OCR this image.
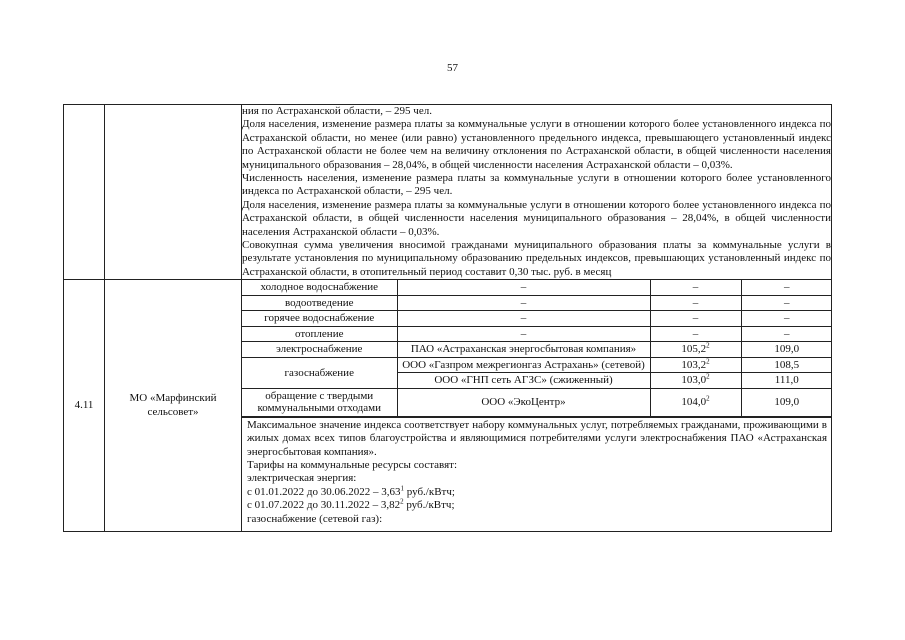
57

ния по Астраханской области, – 295 чел.

Доля населения, изменение размера платы за коммунальные услуги в отношении которого более установленного индекса по Астраханской области, но менее (или равно) установленного предельного индекса, превышающего установленный индекс по Астраханской области не более чем на величину отклонения по Астраханской области, в общей численности населения муниципального образования – 28,04%, в общей численности населения Астраханской области – 0,03%.

Численность населения, изменение размера платы за коммунальные услуги в отношении которого более установленного индекса по Астраханской области, – 295 чел.

Доля населения, изменение размера платы за коммунальные услуги в отношении которого более установленного индекса по Астраханской области, в общей численности населения муниципального образования – 28,04%, в общей численности населения Астраханской области – 0,03%.

Совокупная сумма увеличения вносимой гражданами муниципального образования платы за коммунальные услуги в результате установления по муниципальному образованию предельных индексов, превышающих установленный индекс по Астраханской области, в отопительный период составит 0,30 тыс. руб. в месяц

4.11	МО «Марфинский сельсовет»	
холодное водоснабжение	–	–	–
водоотведение	–	–	–
горячее водоснабжение	–	–	–
отопление	–	–	–
электроснабжение	ПАО «Астраханская энергосбытовая компания»	105,2$^2$	109,0
газоснабжение	ООО «Газпром межрегионгаз Астрахань» (сетевой)	103,2$^2$	108,5
ООО «ГНП сеть АГЗС» (сжиженный)	103,0$^2$	111,0
обращение с твердыми коммунальными отходами	ООО «ЭкоЦентр»	104,0$^2$	109,0

Максимальное значение индекса соответствует набору коммунальных услуг, потребляемых гражданами, проживающими в жилых домах всех типов благоустройства и являющимися потребителями услуги электроснабжения ПАО «Астраханская энергосбытовая компания».

Тарифы на коммунальные ресурсы составят:

электрическая энергия:

с 01.01.2022 до 30.06.2022 – 3,63$^1$ руб./кВтч;

с 01.07.2022 до 30.11.2022 – 3,82$^2$ руб./кВтч;

газоснабжение (сетевой газ):
